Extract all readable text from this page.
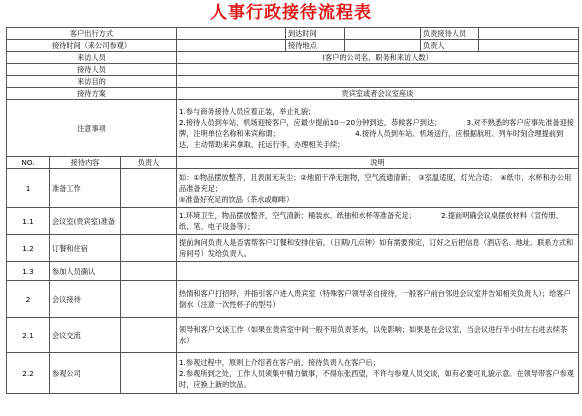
人事行政接待流程表
客户出行方式				到达时间		负责接待人员	
接待时间（来公司参观）				接待地点		负责人	
来访人员			(客户的公司名、职务和来访人数）				
接待人员							
来访目的							
接待方案			贵宾室或者会议室座谈				
注意事项			1.参与商务接待人员应着正装，举止礼貌；
2.接待人员到车站、机场迎接客户，应最少提前10－20分钟到达，恭候客户到达；　　　　3.对不熟悉的客户应事先准备迎接牌，注明单位名称和来宾称谓；　　　　　　　　　　　4.接待人员到车站、机场送行，应根据航班、列车时刻合理提前到达，主动帮助来宾拿取、托运行李，办理相关手续；				

NO.	接待内容	负责人	说明				
1	准备工作		如：①物品摆放整齐，且表面无灰尘；②地面干净无脏物，空气流通清新；　③室温适度，灯光合适；　④纸巾、水杯和办公用品准备充足；
⑤准备好充足的饮品（茶水或咖啡）				

1.1	会议室(贵宾室)准备		1.环境卫生，物品摆放整齐，空气清新；桶装水、纸抽和水杯等准备充足；　　　　2.提前明确会议桌摆放材料（宣传册、纸、笔、电子设备等）；				
1.2	订餐和住宿		提前询问负责人是否需帮客户订餐和安排住宿。（日期/几点钟）如有需要预定，订好之后把信息（酒店名、地址、联系方式和房间号）发给负责人。				
1.3	参加人员确认						
2	会议接待		热情和客户打招呼，并指引客户进入贵宾室（特殊客户领导亲自接待，一般客户前台邻进会议室并告知相关负责人）；给客户倒水（注意一次性杯子的型号）				
2.1	会议交流		领导和客户交谈工作（如果在贵宾室中间一般不用负责茶水，以免影响；如果是在会议室，当会议进行半小时左右进去续茶水）				
2.2	参观公司		1.参观过程中，原则上介绍者在客户前，接待负责人在客户后；
2.参观所到之处，工作人员须集中精力做事，不得东张西望，不许与参观人员交谈，如有必要可礼貌示意。在领导带客户参观时，应换上新的饮品。				
